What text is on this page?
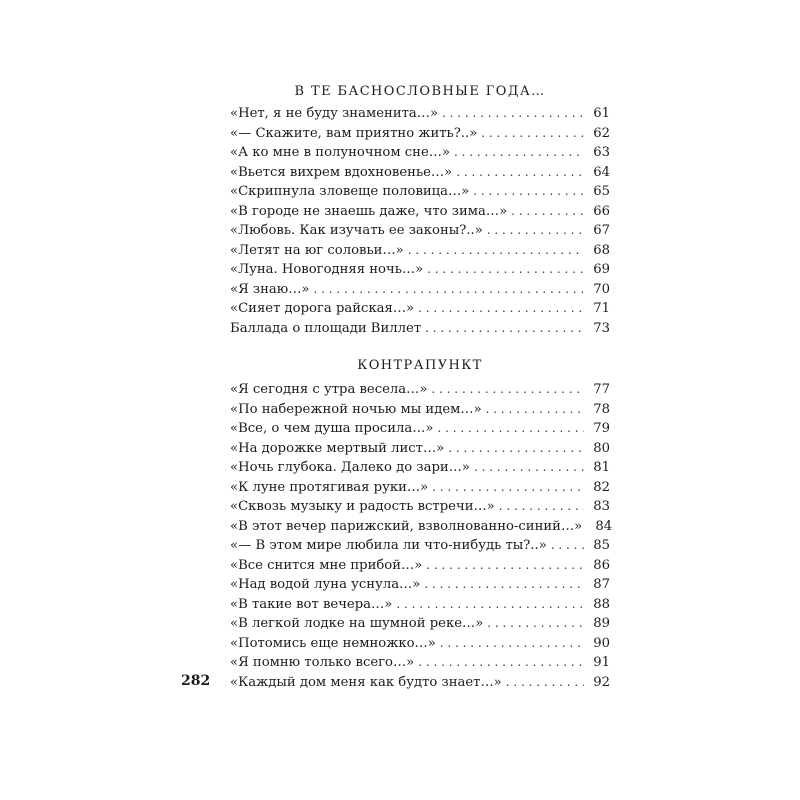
В ТЕ БАСНОСЛОВНЫЕ ГОДА…
«Нет, я не буду знаменита…» . . .	61
«— Скажите, вам приятно жить?..» . . .	62
«А ко мне в полуночном сне…» . . .	63
«Вьется вихрем вдохновенье…» . . .	64
«Скрипнула зловеще половица…» . . .	65
«В городе не знаешь даже, что зима…» . . .	66
«Любовь. Как изучать ее законы?..» . . .	67
«Летят на юг соловьи…» . . .	68
«Луна. Новогодняя ночь…» . . .	69
«Я знаю…» . . .	70
«Сияет дорога райская…» . . .	71
Баллада о площади Виллет . . .	73
КОНТРАПУНКТ
«Я сегодня с утра весела…» . . .	77
«По набережной ночью мы идем…» . . .	78
«Все, о чем душа просила…» . . .	79
«На дорожке мертвый лист…» . . .	80
«Ночь глубока. Далеко до зари…» . . .	81
«К луне протягивая руки…» . . .	82
«Сквозь музыку и радость встречи…» . . .	83
«В этот вечер парижский, взволнованно-синий…»	84
«— В этом мире любила ли что-нибудь ты?..» . . .	85
«Все снится мне прибой…» . . .	86
«Над водой луна уснула…» . . .	87
«В такие вот вечера…» . . .	88
«В легкой лодке на шумной реке…» . . .	89
«Потомись еще немножко…» . . .	90
«Я помню только всего…» . . .	91
«Каждый дом меня как будто знает…» . . .	92
282
